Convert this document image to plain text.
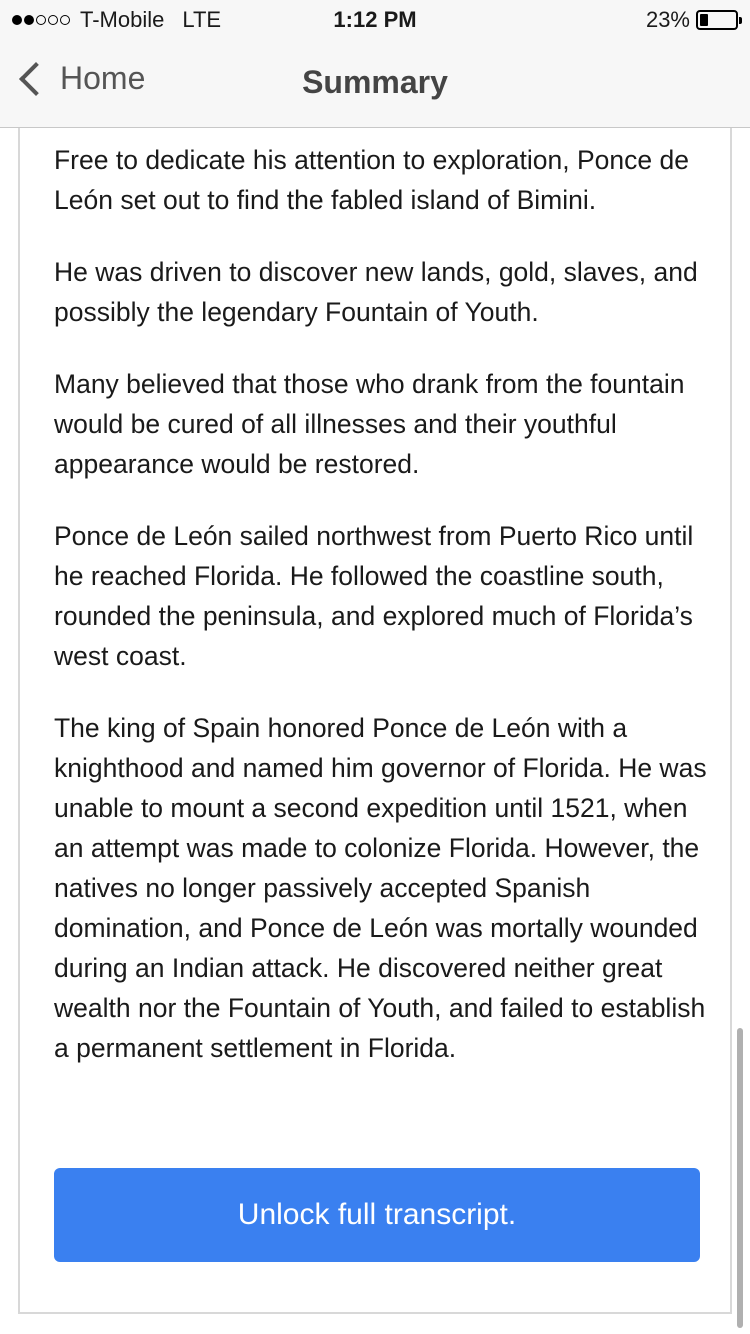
T-Mobile LTE	1:12 PM	23%
Home	Summary

Free to dedicate his attention to exploration, Ponce de León set out to find the fabled island of Bimini.

He was driven to discover new lands, gold, slaves, and possibly the legendary Fountain of Youth.

Many believed that those who drank from the fountain would be cured of all illnesses and their youthful appearance would be restored.

Ponce de León sailed northwest from Puerto Rico until he reached Florida. He followed the coastline south, rounded the peninsula, and explored much of Florida’s west coast.

The king of Spain honored Ponce de León with a knighthood and named him governor of Florida. He was unable to mount a second expedition until 1521, when an attempt was made to colonize Florida. However, the natives no longer passively accepted Spanish domination, and Ponce de León was mortally wounded during an Indian attack. He discovered neither great wealth nor the Fountain of Youth, and failed to establish a permanent settlement in Florida.

Unlock full transcript.
